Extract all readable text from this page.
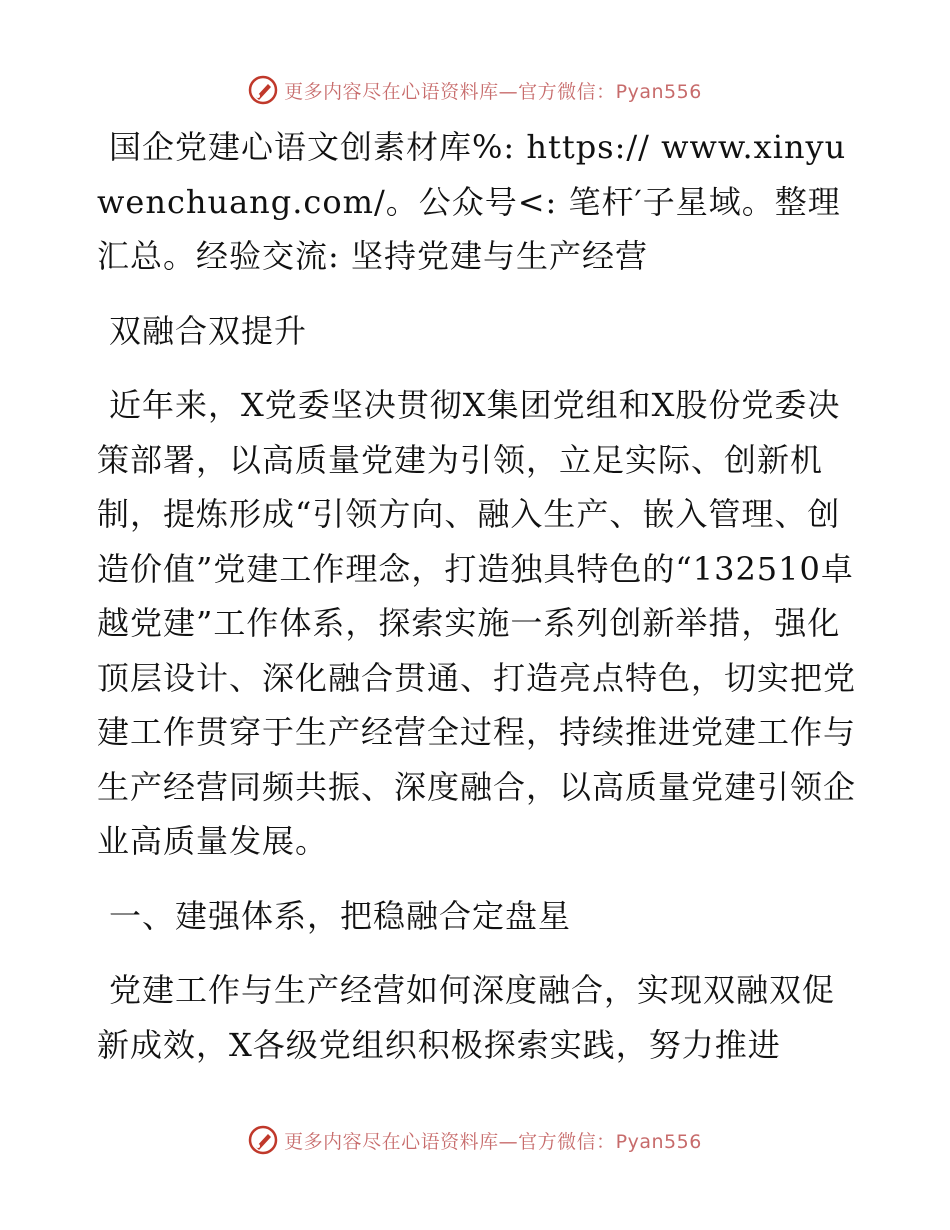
更多内容尽在心语资料库—官方微信：Pyan556

国企党建心语文创素材库%: https:// www.xinyuwenchuang.com/。公众号<: 笔杆′子星域。整理汇总。经验交流: 坚持党建与生产经营

双融合双提升

近年来，X党委坚决贯彻X集团党组和X股份党委决策部署，以高质量党建为引领，立足实际、创新机制，提炼形成“引领方向、融入生产、嵌入管理、创造价值”党建工作理念，打造独具特色的“132510卓越党建”工作体系，探索实施一系列创新举措，强化顶层设计、深化融合贯通、打造亮点特色，切实把党建工作贯穿于生产经营全过程，持续推进党建工作与生产经营同频共振、深度融合，以高质量党建引领企业高质量发展。

一、建强体系，把稳融合定盘星

党建工作与生产经营如何深度融合，实现双融双促新成效，X各级党组织积极探索实践，努力推进

更多内容尽在心语资料库—官方微信：Pyan556
